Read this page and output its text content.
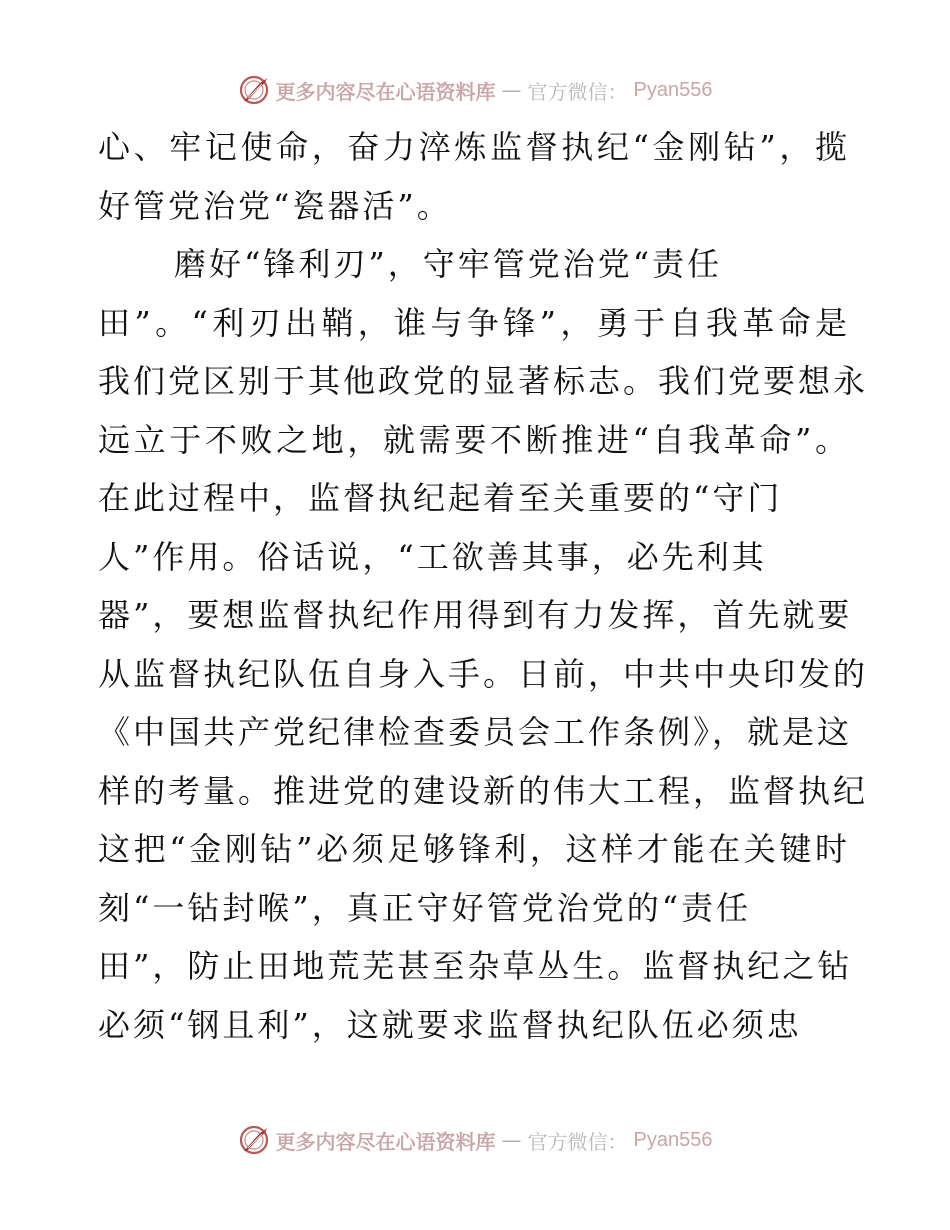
更多内容尽在心语资料库 — 官方微信： Pyan556
心、牢记使命，奋力淬炼监督执纪“金刚钻”，揽
好管党治党“瓷器活”。
磨好“锋利刃”，守牢管党治党“责任
田”。“利刃出鞘，谁与争锋”，勇于自我革命是
我们党区别于其他政党的显著标志。我们党要想永
远立于不败之地，就需要不断推进“自我革命”。
在此过程中，监督执纪起着至关重要的“守门
人”作用。俗话说，“工欲善其事，必先利其
器”，要想监督执纪作用得到有力发挥，首先就要
从监督执纪队伍自身入手。日前，中共中央印发的
《中国共产党纪律检查委员会工作条例》，就是这
样的考量。推进党的建设新的伟大工程，监督执纪
这把“金刚钻”必须足够锋利，这样才能在关键时
刻“一钻封喉”，真正守好管党治党的“责任
田”，防止田地荒芜甚至杂草丛生。监督执纪之钻
必须“钢且利”，这就要求监督执纪队伍必须忠
更多内容尽在心语资料库 — 官方微信： Pyan556
